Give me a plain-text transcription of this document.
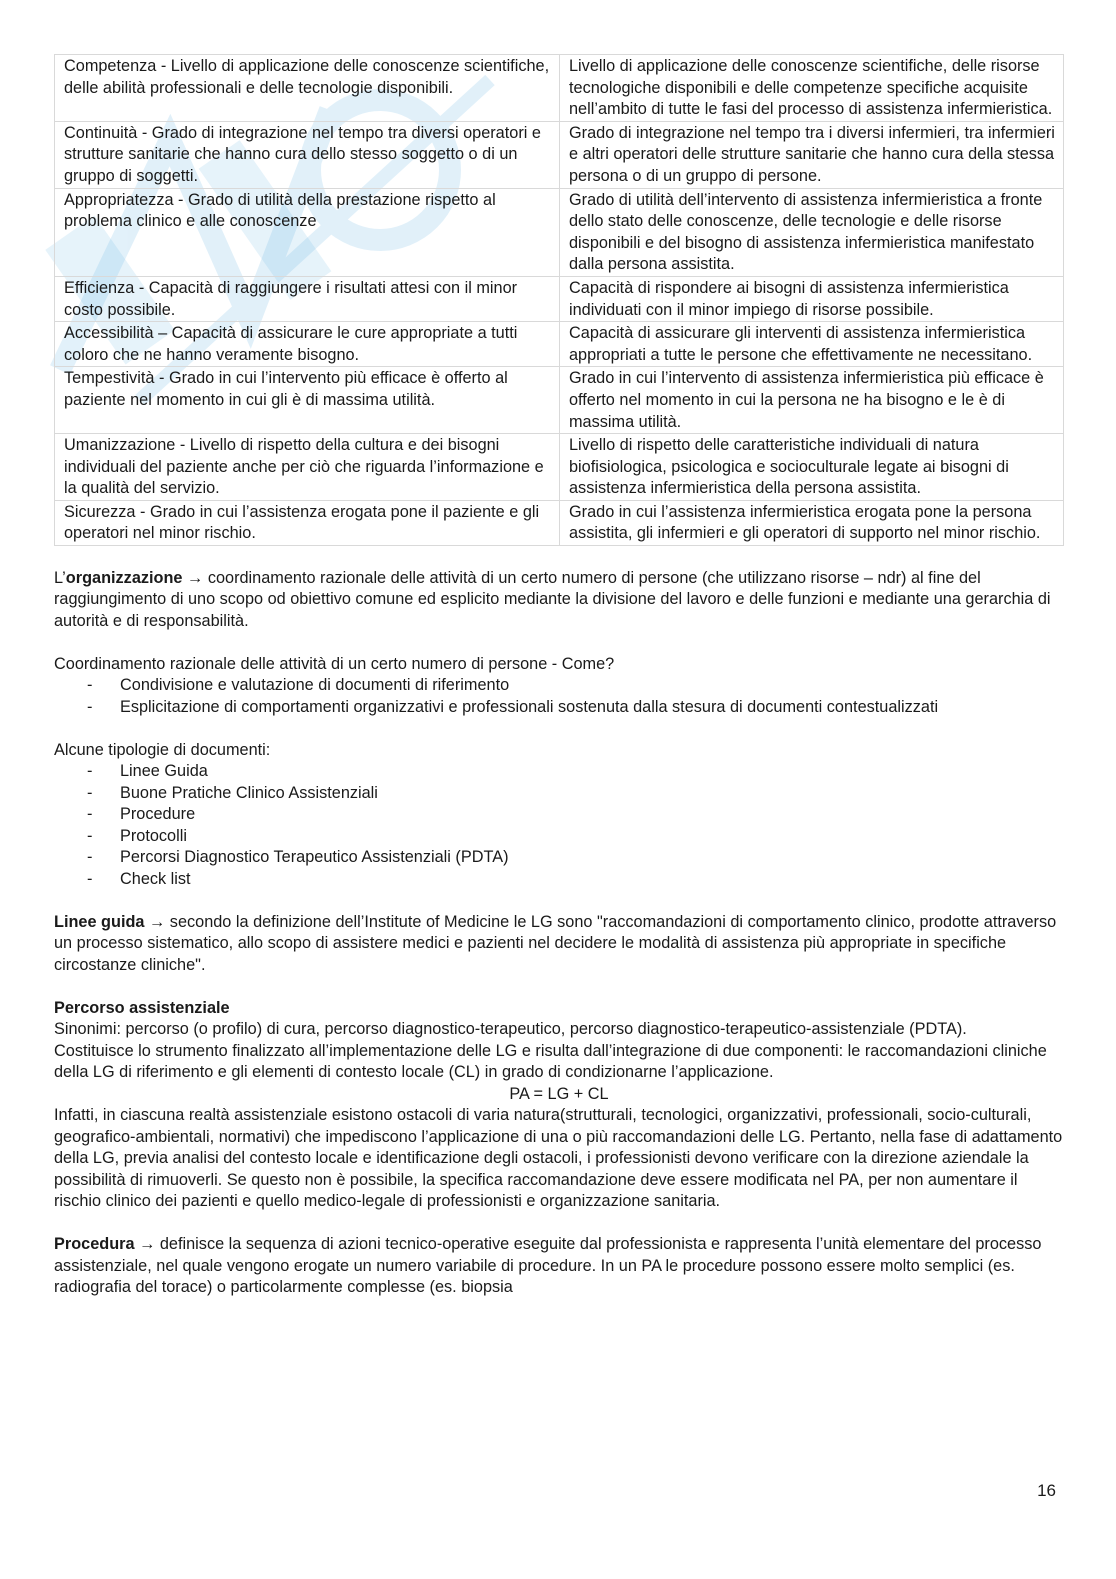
Competenza - Livello di applicazione delle conoscenze scientifiche, delle abilità professionali e delle tecnologie disponibili.	Livello di applicazione delle conoscenze scientifiche, delle risorse tecnologiche disponibili e delle competenze specifiche acquisite nell’ambito di tutte le fasi del processo di assistenza infermieristica.
Continuità - Grado di integrazione nel tempo tra diversi operatori e strutture sanitarie che hanno cura dello stesso soggetto o di un gruppo di soggetti.	Grado di integrazione nel tempo tra i diversi infermieri, tra infermieri e altri operatori delle strutture sanitarie che hanno cura della stessa persona o di un gruppo di persone.
Appropriatezza - Grado di utilità della prestazione rispetto al problema clinico e alle conoscenze	Grado di utilità dell’intervento di assistenza infermieristica a fronte dello stato delle conoscenze, delle tecnologie e delle risorse disponibili e del bisogno di assistenza infermieristica manifestato dalla persona assistita.
Efficienza - Capacità di raggiungere i risultati attesi con il minor costo possibile.	Capacità di rispondere ai bisogni di assistenza infermieristica individuati con il minor impiego di risorse possibile.
Accessibilità – Capacità di assicurare le cure appropriate a tutti coloro che ne hanno veramente bisogno.	Capacità di assicurare gli interventi di assistenza infermieristica appropriati a tutte le persone che effettivamente ne necessitano.
Tempestività - Grado in cui l’intervento più efficace è offerto al paziente nel momento in cui gli è di massima utilità.	Grado in cui l’intervento di assistenza infermieristica più efficace è offerto nel momento in cui la persona ne ha bisogno e le è di massima utilità.
Umanizzazione - Livello di rispetto della cultura e dei bisogni individuali del paziente anche per ciò che riguarda l’informazione e la qualità del servizio.	Livello di rispetto delle caratteristiche individuali di natura biofisiologica, psicologica e socioculturale legate ai bisogni di assistenza infermieristica della persona assistita.
Sicurezza - Grado in cui l’assistenza erogata pone il paziente e gli operatori nel minor rischio.	Grado in cui l’assistenza infermieristica erogata pone la persona assistita, gli infermieri e gli operatori di supporto nel minor rischio.

L’organizzazione → coordinamento razionale delle attività di un certo numero di persone (che utilizzano risorse – ndr) al fine del raggiungimento di uno scopo od obiettivo comune ed esplicito mediante la divisione del lavoro e delle funzioni e mediante una gerarchia di autorità e di responsabilità.

Coordinamento razionale delle attività di un certo numero di persone - Come?

- Condivisione e valutazione di documenti di riferimento
- Esplicitazione di comportamenti organizzativi e professionali sostenuta dalla stesura di documenti contestualizzati

Alcune tipologie di documenti:

- Linee Guida
- Buone Pratiche Clinico Assistenziali
- Procedure
- Protocolli
- Percorsi Diagnostico Terapeutico Assistenziali (PDTA)
- Check list

Linee guida → secondo la definizione dell’Institute of Medicine le LG sono "raccomandazioni di comportamento clinico, prodotte attraverso un processo sistematico, allo scopo di assistere medici e pazienti nel decidere le modalità di assistenza più appropriate in specifiche circostanze cliniche".

Percorso assistenziale

Sinonimi: percorso (o profilo) di cura, percorso diagnostico-terapeutico, percorso diagnostico-terapeutico-assistenziale (PDTA).

Costituisce lo strumento finalizzato all’implementazione delle LG e risulta dall’integrazione di due componenti: le raccomandazioni cliniche della LG di riferimento e gli elementi di contesto locale (CL) in grado di condizionarne l’applicazione.

PA = LG + CL

Infatti, in ciascuna realtà assistenziale esistono ostacoli di varia natura(strutturali, tecnologici, organizzativi, professionali, socio-culturali, geografico-ambientali, normativi) che impediscono l’applicazione di una o più raccomandazioni delle LG. Pertanto, nella fase di adattamento della LG, previa analisi del contesto locale e identificazione degli ostacoli, i professionisti devono verificare con la direzione aziendale la possibilità di rimuoverli. Se questo non è possibile, la specifica raccomandazione deve essere modificata nel PA, per non aumentare il rischio clinico dei pazienti e quello medico-legale di professionisti e organizzazione sanitaria.

Procedura → definisce la sequenza di azioni tecnico-operative eseguite dal professionista e rappresenta l’unità elementare del processo assistenziale, nel quale vengono erogate un numero variabile di procedure. In un PA le procedure possono essere molto semplici (es. radiografia del torace) o particolarmente complesse (es. biopsia

16
